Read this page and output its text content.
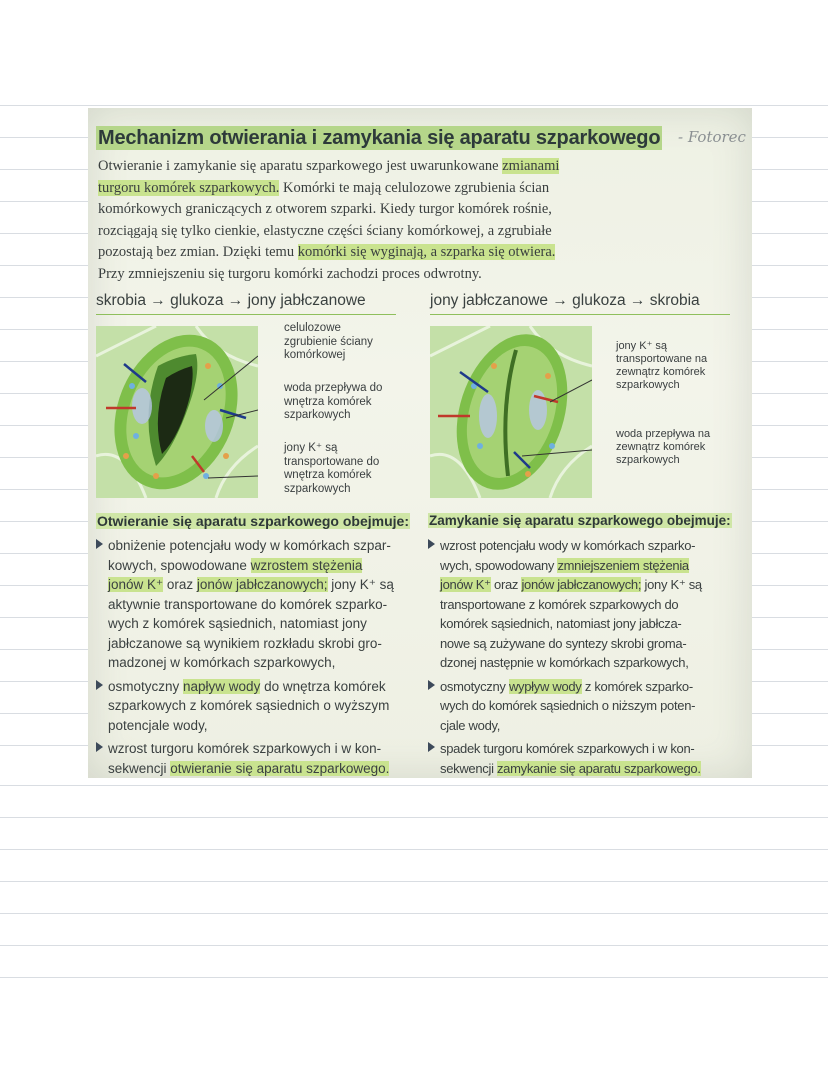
Mechanizm otwierania i zamykania się aparatu szparkowego - Fotorec

Otwieranie i zamykanie się aparatu szparkowego jest uwarunkowane zmianami

turgoru komórek szparkowych. Komórki te mają celulozowe zgrubienia ścian

komórkowych graniczących z otworem szparki. Kiedy turgor komórek rośnie,

rozciągają się tylko cienkie, elastyczne części ściany komórkowej, a zgrubiałe

pozostają bez zmian. Dzięki temu komórki się wyginają, a szparka się otwiera.

Przy zmniejszeniu się turgoru komórki zachodzi proces odwrotny.

skrobia → glukoza → jony jabłczanowe	jony jabłczanowe → glukoza → skrobia

celulozowe

zgrubienie ściany

komórkowej

woda przepływa do

wnętrza komórek

szparkowych

jony K⁺ są

transportowane do

wnętrza komórek

szparkowych

jony K⁺ są

transportowane na

zewnątrz komórek

szparkowych

woda przepływa na

zewnątrz komórek

szparkowych

Otwieranie się aparatu szparkowego obejmuje: Zamykanie się aparatu szparkowego obejmuje:

obniżenie potencjału wody w komórkach szpar-

kowych, spowodowane wzrostem stężenia

jonów K⁺ oraz jonów jabłczanowych; jony K⁺ są

aktywnie transportowane do komórek szparko-

wych z komórek sąsiednich, natomiast jony

jabłczanowe są wynikiem rozkładu skrobi gro-

madzonej w komórkach szparkowych,

osmotyczny napływ wody do wnętrza komórek

szparkowych z komórek sąsiednich o wyższym

potencjale wody,

wzrost turgoru komórek szparkowych i w kon-

sekwencji otwieranie się aparatu szparkowego.

wzrost potencjału wody w komórkach szparko-

wych, spowodowany zmniejszeniem stężenia

jonów K⁺ oraz jonów jabłczanowych; jony K⁺ są

transportowane z komórek szparkowych do

komórek sąsiednich, natomiast jony jabłcza-

nowe są zużywane do syntezy skrobi groma-

dzonej następnie w komórkach szparkowych,

osmotyczny wypływ wody z komórek szparko-

wych do komórek sąsiednich o niższym poten-

cjale wody,

spadek turgoru komórek szparkowych i w kon-

sekwencji zamykanie się aparatu szparkowego.
